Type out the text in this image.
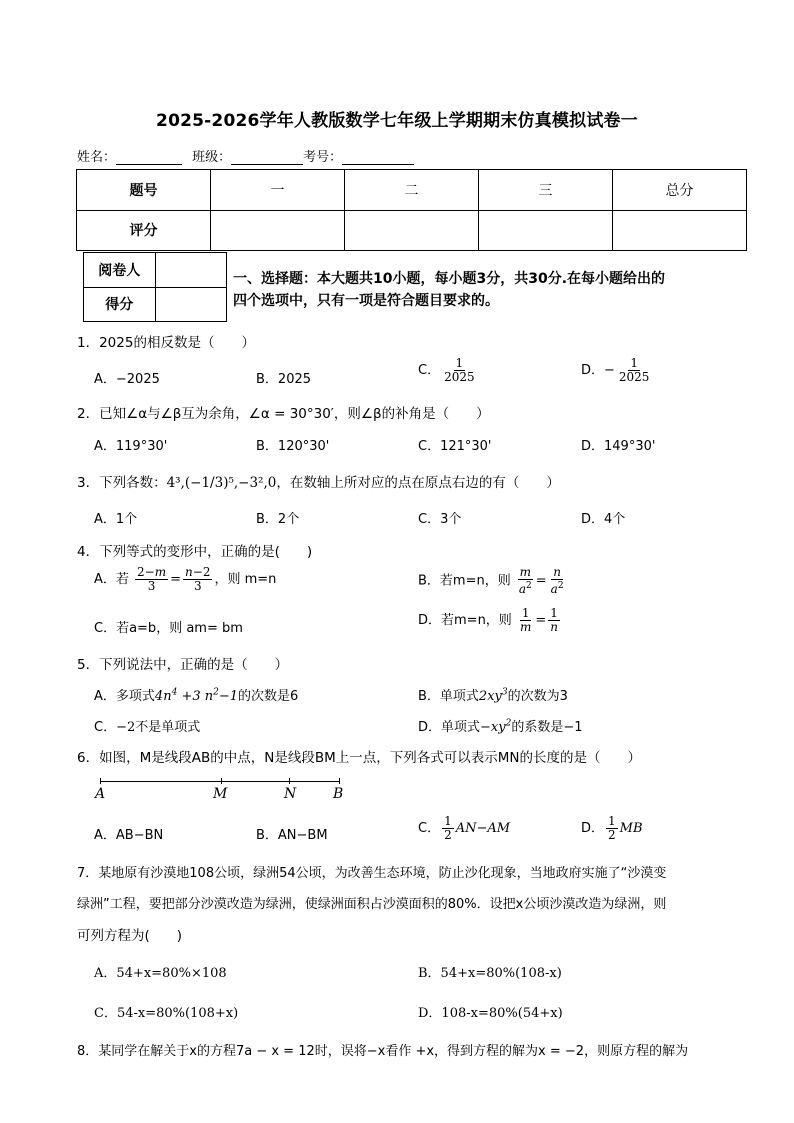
2025-2026学年人教版数学七年级上学期期末仿真模拟试卷一
姓名：	班级：	考号：
题号	一	二	三	总分
评分				
阅卷人	
得分	
一、选择题：本大题共10小题，每小题3分，共30分.在每小题给出的
四个选项中，只有一项是符合题目要求的。
1．2025的相反数是（　　）
A．−2025	B．2025
C． $\frac{1}{2025}$	D．− $\frac{1}{2025}$
2．已知∠α与∠β互为余角，∠α = 30°30′，则∠β的补角是（　　）
A．119°30'	B．120°30'	C．121°30'	D．149°30'
3．下列各数：4³,(−1/3)⁵,−3²,0，在数轴上所对应的点在原点右边的有（　　）
A．1个	B．2个	C．3个	D．4个
4．下列等式的变形中，正确的是(　　)
A．若 $\frac{2-m}{3} = \frac{n-2}{3}$ ，则 m=n	B．若m=n，则 $\frac{m}{a^2} = \frac{n}{a^2}$
C．若a=b，则 am= bm
D．若m=n，则 $\frac{1}{m} = \frac{1}{n}$
5．下列说法中，正确的是（　　）
A．多项式$4n^4 +3$ $n^2-1$的次数是6	B．单项式$2xy^3$的次数为3
C．−2不是单项式	D．单项式$-xy^2$的系数是−1
6．如图，M是线段AB的中点，N是线段BM上一点，下列各式可以表示MN的长度的是（　　）
A	M	N	B
A．AB−BN	B．AN−BM	C． $\frac{1}{2} AN-AM$	D． $\frac{1}{2}$ MB
7．某地原有沙漠地108公顷，绿洲54公顷，为改善生态环境，防止沙化现象，当地政府实施了“沙漠变
绿洲”工程，要把部分沙漠改造为绿洲，使绿洲面积占沙漠面积的80%．设把x公顷沙漠改造为绿洲，则
可列方程为(　　)
A．54+x=80%×108	B．54+x=80%(108-x)
C．54-x=80%(108+x)	D．108-x=80%(54+x)
8．某同学在解关于x的方程7a − x = 12时，误将−x看作 +x，得到方程的解为x = −2，则原方程的解为
